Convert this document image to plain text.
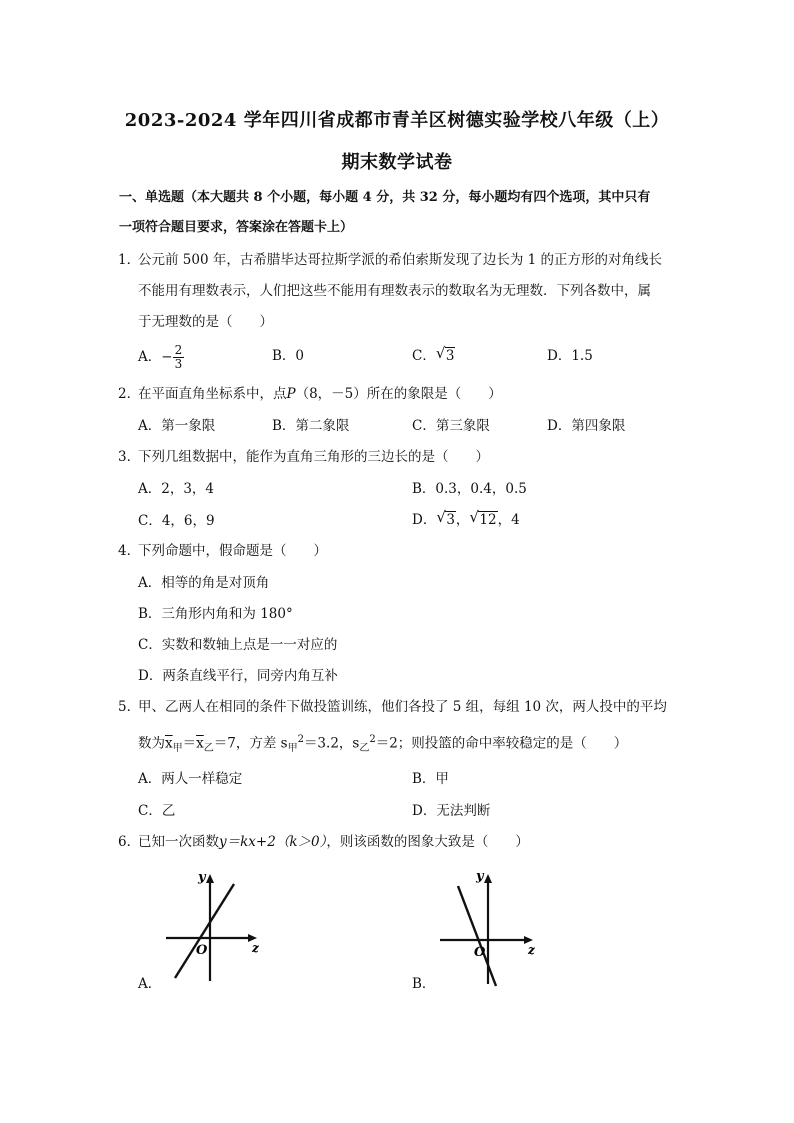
2023-2024 学年四川省成都市青羊区树德实验学校八年级（上）
期末数学试卷
一、单选题（本大题共 8 个小题，每小题 4 分，共 32 分，每小题均有四个选项，其中只有
一项符合题目要求，答案涂在答题卡上）
1．
公元前 500 年，古希腊毕达哥拉斯学派的希伯索斯发现了边长为 1 的正方形的对角线长
不能用有理数表示，人们把这些不能用有理数表示的数取名为无理数．下列各数中，属
于无理数的是（　　）
A．− $\frac{2}{3}$	B．0	C． √ 3	D．1.5
2．
在平面直角坐标系中，点P（8，－5）所在的象限是（　　）
A．第一象限	B．第二象限	C．第三象限	D．第四象限
3．
下列几组数据中，能作为直角三角形的三边长的是（　　）
A．2，3，4	B．0.3，0.4，0.5
C．4，6，9	D． √ 3， √ 12，4
4．
下列命题中，假命题是（　　）
A．相等的角是对顶角
B．三角形内角和为 180°
C．实数和数轴上点是一一对应的
D．两条直线平行，同旁内角互补
5．
甲、乙两人在相同的条件下做投篮训练，他们各投了 5 组，每组 10 次，两人投中的平均
数为$\overline{x}_甲=\overline{x}_乙=7$，方差 $s_甲^2=3.2$，$s_乙^2=2$；则投篮的命中率较稳定的是（　　）
A．两人一样稳定	B．甲
C．乙	D．无法判断
6．
已知一次函数y＝kx+2（k＞0），则该函数的图象大致是（　　）
y
O	z
A．
y
O	z
B．
